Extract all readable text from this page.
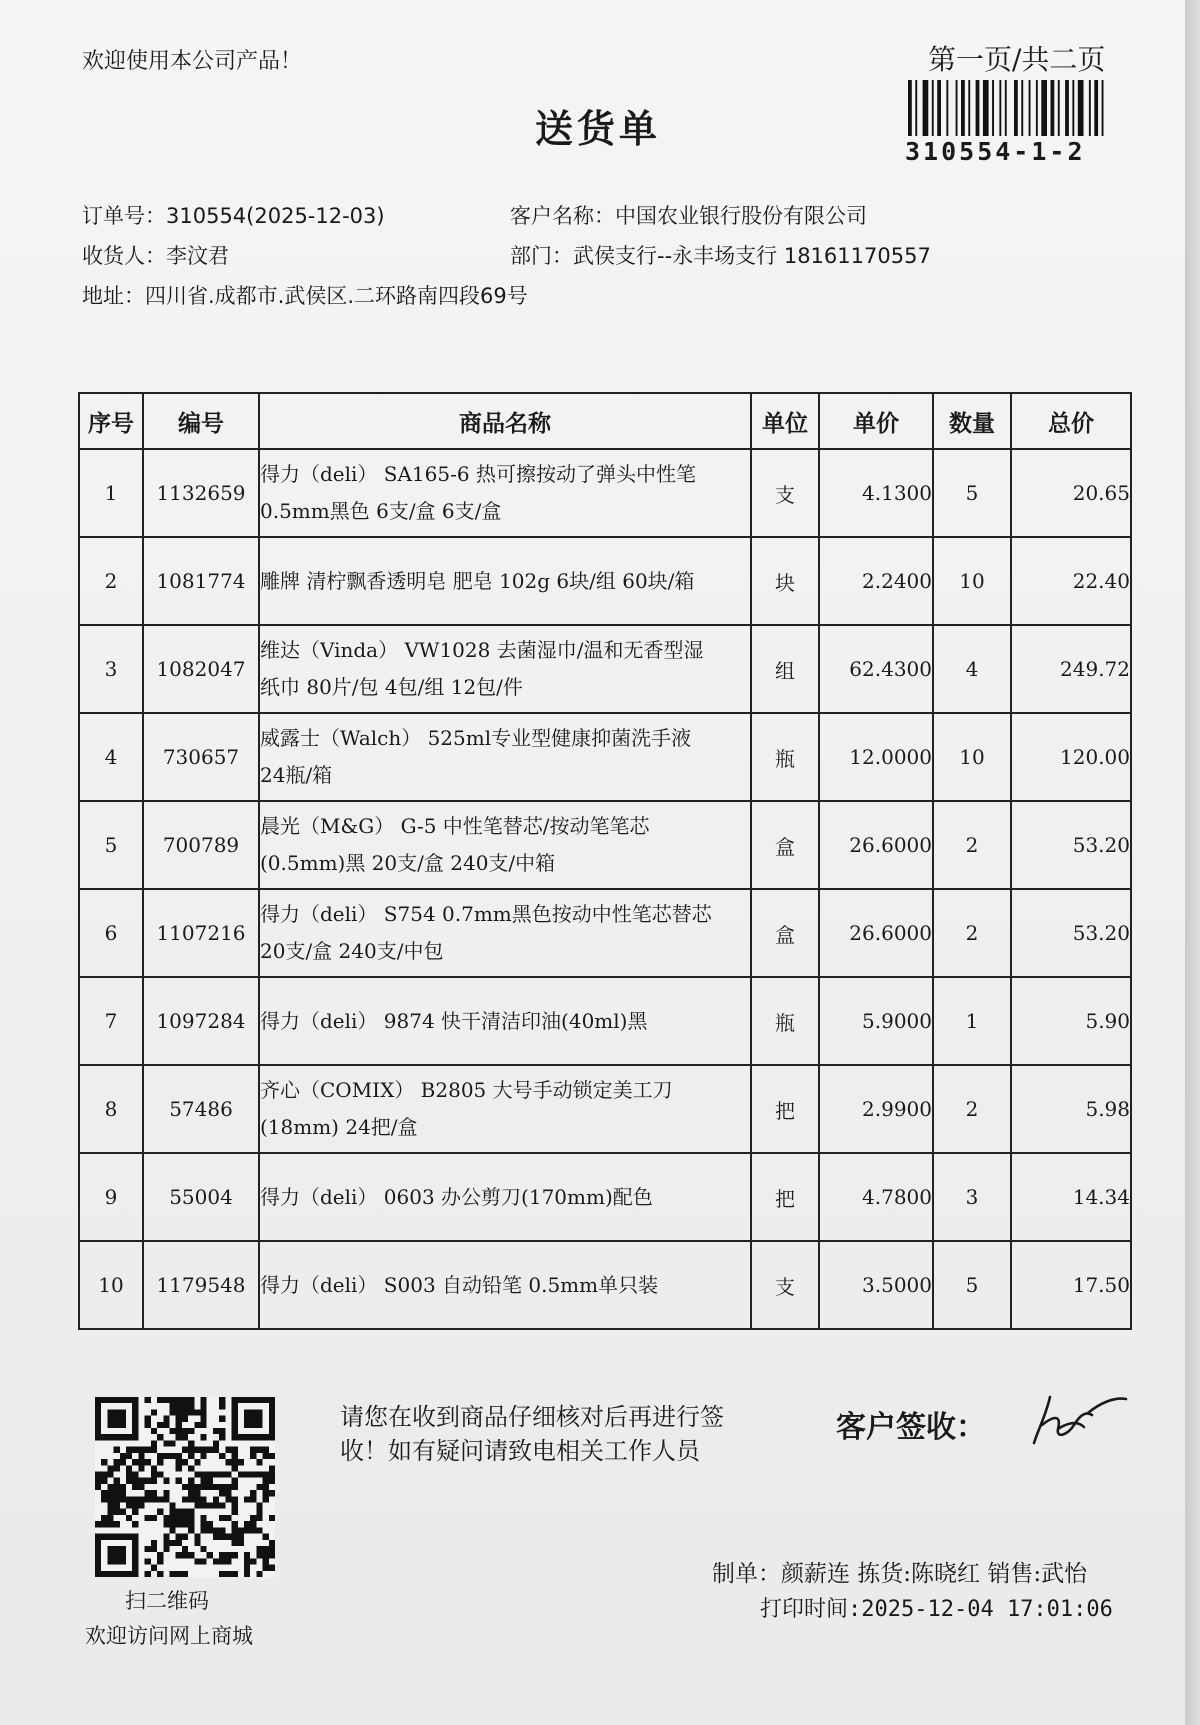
欢迎使用本公司产品！	第一页/共二页
送货单
310554-1-2
订单号：310554(2025-12-03)	客户名称：中国农业银行股份有限公司
收货人：李汶君	部门：武侯支行--永丰场支行 18161170557
地址：四川省.成都市.武侯区.二环路南四段69号
序号	编号	商品名称	单位	单价	数量	总价
1	1132659	得力（deli） SA165-6 热可擦按动了弹头中性笔
0.5mm黑色 6支/盒 6支/盒	支	4.1300	5	20.65
2	1081774	雕牌 清柠飘香透明皂 肥皂 102g 6块/组 60块/箱	块	2.2400	10	22.40
3	1082047	维达（Vinda） VW1028 去菌湿巾/温和无香型湿
纸巾 80片/包 4包/组 12包/件	组	62.4300	4	249.72
4	730657	威露士（Walch） 525ml专业型健康抑菌洗手液
24瓶/箱	瓶	12.0000	10	120.00
5	700789	晨光（M&G） G-5 中性笔替芯/按动笔笔芯
(0.5mm)黑 20支/盒 240支/中箱	盒	26.6000	2	53.20
6	1107216	得力（deli） S754 0.7mm黑色按动中性笔芯替芯
20支/盒 240支/中包	盒	26.6000	2	53.20
7	1097284	得力（deli） 9874 快干清洁印油(40ml)黑	瓶	5.9000	1	5.90
8	57486	齐心（COMIX） B2805 大号手动锁定美工刀
(18mm) 24把/盒	把	2.9900	2	5.98
9	55004	得力（deli） 0603 办公剪刀(170mm)配色	把	4.7800	3	14.34
10	1179548	得力（deli） S003 自动铅笔 0.5mm单只装	支	3.5000	5	17.50
扫二维码
欢迎访问网上商城
请您在收到商品仔细核对后再进行签收！如有疑问请致电相关工作人员
客户签收：
制单：颜薪连 拣货:陈晓红 销售:武怡
打印时间:2025-12-04 17:01:06
